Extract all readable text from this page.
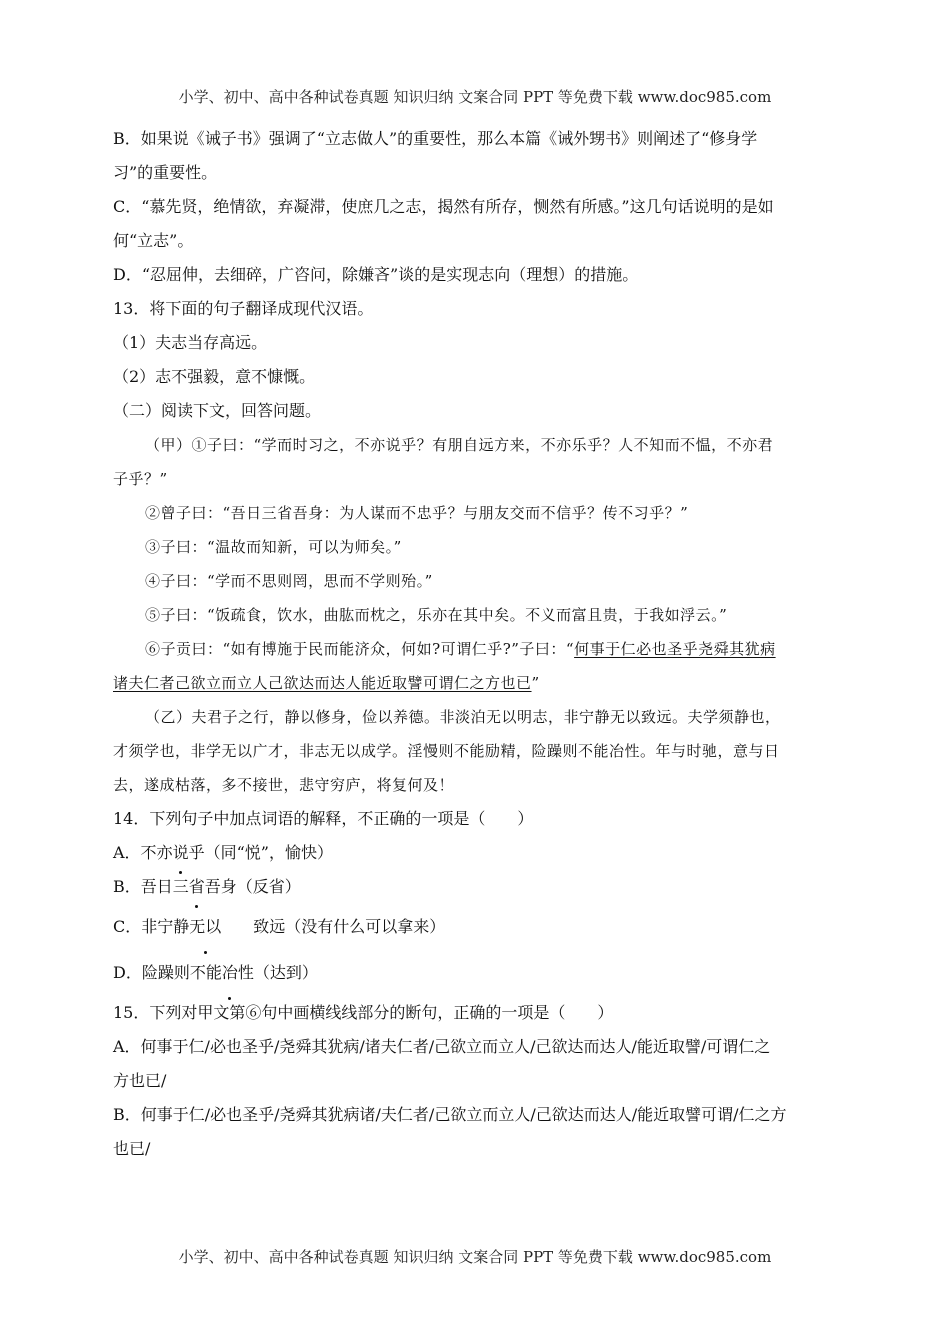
小学、初中、高中各种试卷真题 知识归纳 文案合同 PPT 等免费下载 www.doc985.com

B．如果说《诫子书》强调了“立志做人”的重要性，那么本篇《诫外甥书》则阐述了“修身学

习”的重要性。

C．“慕先贤，绝情欲，弃凝滞，使庶几之志，揭然有所存，恻然有所感。”这几句话说明的是如

何“立志”。

D．“忍屈伸，去细碎，广咨问，除嫌吝”谈的是实现志向（理想）的措施。

13．将下面的句子翻译成现代汉语。

（1）夫志当存高远。

（2）志不强毅，意不慷慨。

（二）阅读下文，回答问题。

（甲）①子曰：“学而时习之，不亦说乎？有朋自远方来，不亦乐乎？人不知而不愠，不亦君

子乎？”

②曾子曰：“吾日三省吾身：为人谋而不忠乎？与朋友交而不信乎？传不习乎？”

③子曰：“温故而知新，可以为师矣。”

④子曰：“学而不思则罔，思而不学则殆。”

⑤子曰：“饭疏食，饮水，曲肱而枕之，乐亦在其中矣。不义而富且贵，于我如浮云。”

⑥子贡曰：“如有博施于民而能济众，何如?可谓仁乎?”子曰：“何事于仁必也圣乎尧舜其犹病

诸夫仁者己欲立而立人己欲达而达人能近取譬可谓仁之方也已”

（乙）夫君子之行，静以修身，俭以养德。非淡泊无以明志，非宁静无以致远。夫学须静也，

才须学也，非学无以广才，非志无以成学。淫慢则不能励精，险躁则不能冶性。年与时驰，意与日

去，遂成枯落，多不接世，悲守穷庐，将复何及！

14．下列句子中加点词语的解释，不正确的一项是（　　）

A．不亦说乎（同“悦”，愉快）

B．吾日三省吾身（反省）

C．非宁静无以 致远（没有什么可以拿来）

D．险躁则不能冶性（达到）

15．下列对甲文第⑥句中画横线线部分的断句，正确的一项是（　　）

A．何事于仁/必也圣乎/尧舜其犹病/诸夫仁者/己欲立而立人/己欲达而达人/能近取譬/可谓仁之

方也已/

B．何事于仁/必也圣乎/尧舜其犹病诸/夫仁者/己欲立而立人/己欲达而达人/能近取譬可谓/仁之方

也已/

小学、初中、高中各种试卷真题 知识归纳 文案合同 PPT 等免费下载 www.doc985.com
